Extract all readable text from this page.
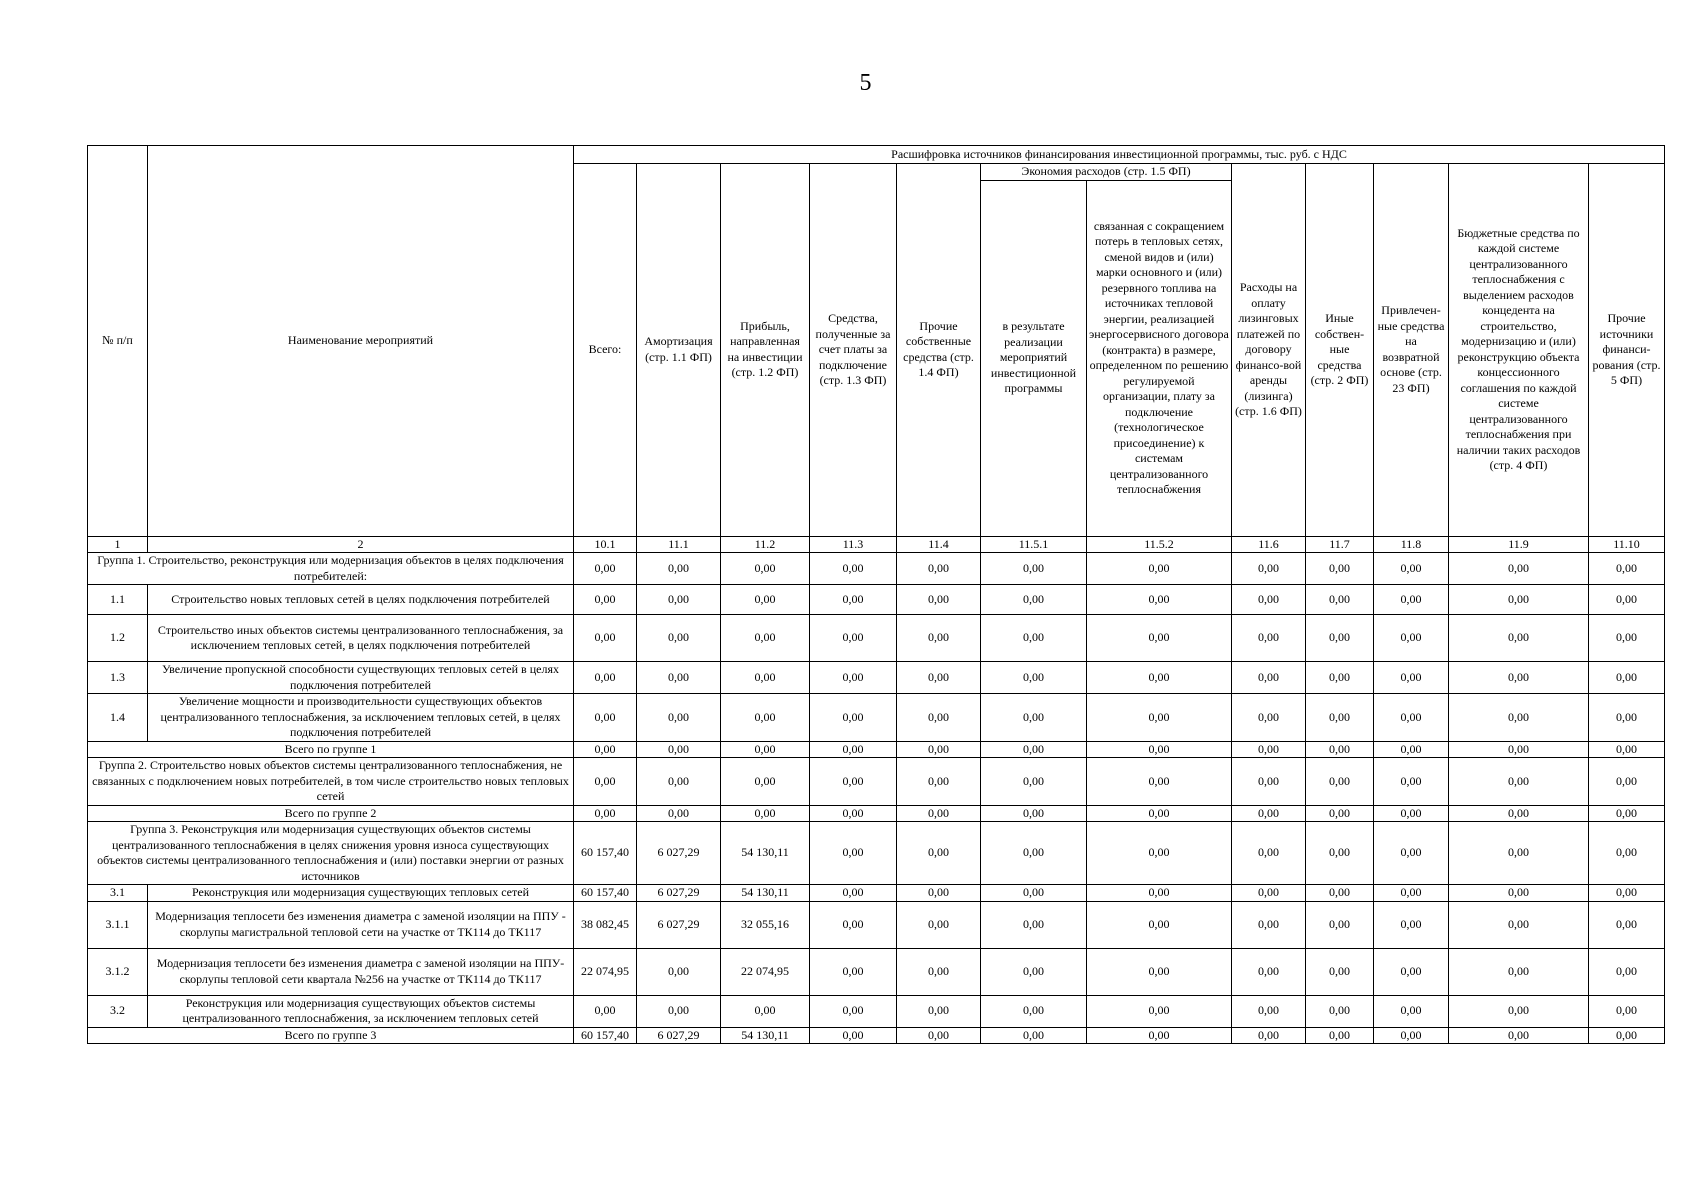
5
№ п/п	Наименование мероприятий	Расшифровка источников финансирования инвестиционной программы, тыс. руб. с НДС											
		Всего:	Амортизация (стр. 1.1 ФП)	Прибыль, направленная на инвестиции (стр. 1.2 ФП)	Средства, полученные за счет платы за подключение (стр. 1.3 ФП)	Прочие собственные средства (стр. 1.4 ФП)	Экономия расходов (стр. 1.5 ФП)		Расходы на оплату лизинговых платежей по договору финансо-вой аренды (лизинга) (стр. 1.6 ФП)	Иные собствен-ные средства (стр. 2 ФП)	Привлечен-ные средства на возвратной основе (стр. 23 ФП)	Бюджетные средства по каждой системе централизованного теплоснабжения с выделением расходов концедента на строительство, модернизацию и (или) реконструкцию объекта концессионного соглашения по каждой системе централизованного теплоснабжения при наличии таких расходов (стр. 4 ФП)	Прочие источники финанси-рования (стр. 5 ФП)
							в результате реализации мероприятий инвестиционной программы	связанная с сокращением потерь в тепловых сетях, сменой видов и (или) марки основного и (или) резервного топлива на источниках тепловой энергии, реализацией энергосервисного договора (контракта) в размере, определенном по решению регулируемой организации, плату за подключение (технологическое присоединение) к системам централизованного теплоснабжения					
1	2	10.1	11.1	11.2	11.3	11.4	11.5.1	11.5.2	11.6	11.7	11.8	11.9	11.10
Группа 1. Строительство, реконструкция или модернизация объектов в целях подключения потребителей:		0,00	0,00	0,00	0,00	0,00	0,00	0,00	0,00	0,00	0,00	0,00	0,00
1.1	Строительство новых тепловых сетей в целях подключения потребителей	0,00	0,00	0,00	0,00	0,00	0,00	0,00	0,00	0,00	0,00	0,00	0,00
1.2	Строительство иных объектов системы централизованного теплоснабжения, за исключением тепловых сетей, в целях подключения потребителей	0,00	0,00	0,00	0,00	0,00	0,00	0,00	0,00	0,00	0,00	0,00	0,00
1.3	Увеличение пропускной способности существующих тепловых сетей в целях подключения потребителей	0,00	0,00	0,00	0,00	0,00	0,00	0,00	0,00	0,00	0,00	0,00	0,00
1.4	Увеличение мощности и производительности существующих объектов централизованного теплоснабжения, за исключением тепловых сетей, в целях подключения потребителей	0,00	0,00	0,00	0,00	0,00	0,00	0,00	0,00	0,00	0,00	0,00	0,00
Всего по группе 1		0,00	0,00	0,00	0,00	0,00	0,00	0,00	0,00	0,00	0,00	0,00	0,00
Группа 2. Строительство новых объектов системы централизованного теплоснабжения, не связанных с подключением новых потребителей, в том числе строительство новых тепловых сетей		0,00	0,00	0,00	0,00	0,00	0,00	0,00	0,00	0,00	0,00	0,00	0,00
Всего по группе 2		0,00	0,00	0,00	0,00	0,00	0,00	0,00	0,00	0,00	0,00	0,00	0,00
Группа 3. Реконструкция или модернизация существующих объектов системы централизованного теплоснабжения в целях снижения уровня износа существующих объектов системы централизованного теплоснабжения и (или) поставки энергии от разных источников		60 157,40	6 027,29	54 130,11	0,00	0,00	0,00	0,00	0,00	0,00	0,00	0,00	0,00
3.1	Реконструкция или модернизация существующих тепловых сетей	60 157,40	6 027,29	54 130,11	0,00	0,00	0,00	0,00	0,00	0,00	0,00	0,00	0,00
3.1.1	Модернизация теплосети без изменения диаметра с заменой изоляции на ППУ - скорлупы магистральной тепловой сети на участке от ТК114 до ТК117	38 082,45	6 027,29	32 055,16	0,00	0,00	0,00	0,00	0,00	0,00	0,00	0,00	0,00
3.1.2	Модернизация теплосети без изменения диаметра с заменой изоляции на ППУ- скорлупы тепловой сети квартала №256 на участке от ТК114 до ТК117	22 074,95	0,00	22 074,95	0,00	0,00	0,00	0,00	0,00	0,00	0,00	0,00	0,00
3.2	Реконструкция или модернизация существующих объектов системы централизованного теплоснабжения, за исключением тепловых сетей	0,00	0,00	0,00	0,00	0,00	0,00	0,00	0,00	0,00	0,00	0,00	0,00
Всего по группе 3		60 157,40	6 027,29	54 130,11	0,00	0,00	0,00	0,00	0,00	0,00	0,00	0,00	0,00
